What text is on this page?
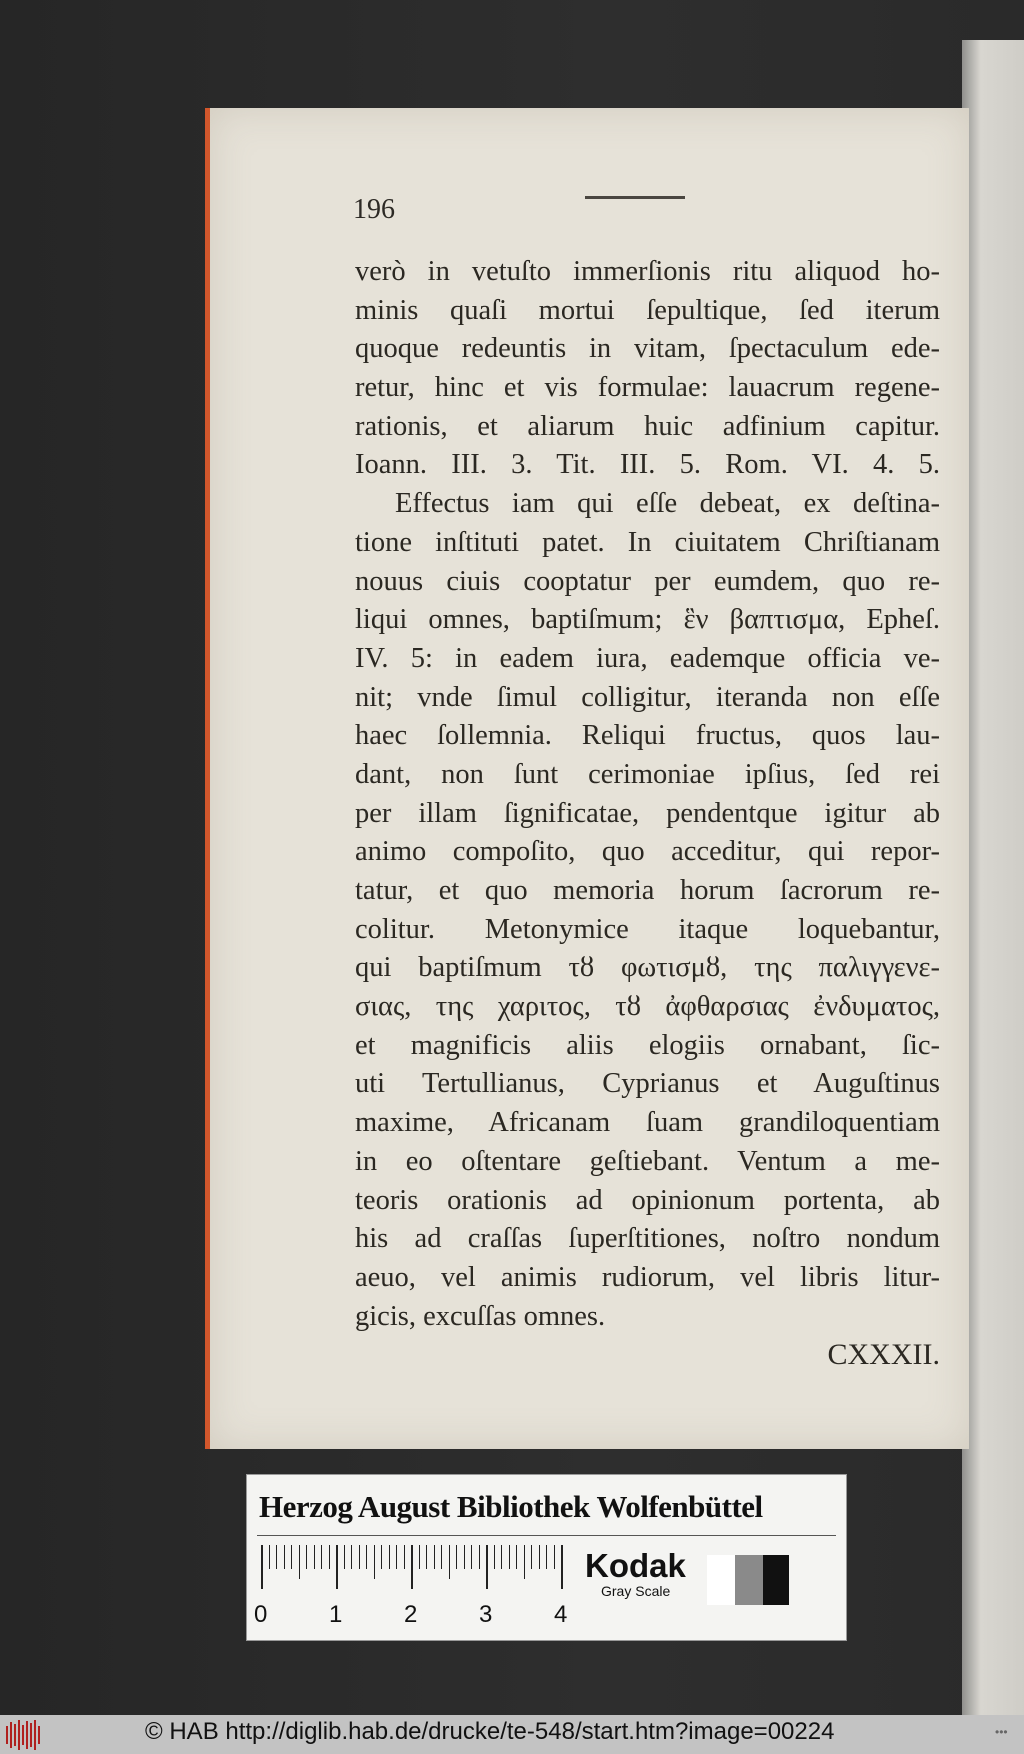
196
verò in vetuſto immerſionis ritu aliquod ho-
minis quaſi mortui ſepultique, ſed iterum
quoque redeuntis in vitam, ſpectaculum ede-
retur, hinc et vis formulae: lauacrum regene-
rationis, et aliarum huic adfinium capitur.
Ioann. III. 3. Tit. III. 5. Rom. VI. 4. 5.
Effectus iam qui eſſe debeat, ex deſtina-
tione inſtituti patet. In ciuitatem Chriſtianam
nouus ciuis cooptatur per eumdem, quo re-
liqui omnes, baptiſmum; ἓν βαπτισμα, Epheſ.
IV. 5: in eadem iura, eademque officia ve-
nit; vnde ſimul colligitur, iteranda non eſſe
haec ſollemnia. Reliqui fructus, quos lau-
dant, non ſunt cerimoniae ipſius, ſed rei
per illam ſignificatae, pendentque igitur ab
animo compoſito, quo acceditur, qui repor-
tatur, et quo memoria horum ſacrorum re-
colitur. Metonymice itaque loquebantur,
qui baptiſmum τȣ φωτισμȣ, της παλιγγενε-
σιας, της χαριτος, τȣ ἀφθαρσιας ἐνδυματος,
et magnificis aliis elogiis ornabant, ſic-
uti Tertullianus, Cyprianus et Auguſtinus
maxime, Africanam ſuam grandiloquentiam
in eo oſtentare geſtiebant. Ventum a me-
teoris orationis ad opinionum portenta, ab
his ad craſſas ſuperſtitiones, noſtro nondum
aeuo, vel animis rudiorum, vel libris litur-
gicis, excuſſas omnes.
CXXXII.
Herzog August Bibliothek Wolfenbüttel
0	1	2	3	4
Kodak
Gray Scale
© HAB http://diglib.hab.de/drucke/te-548/start.htm?image=00224	•••
